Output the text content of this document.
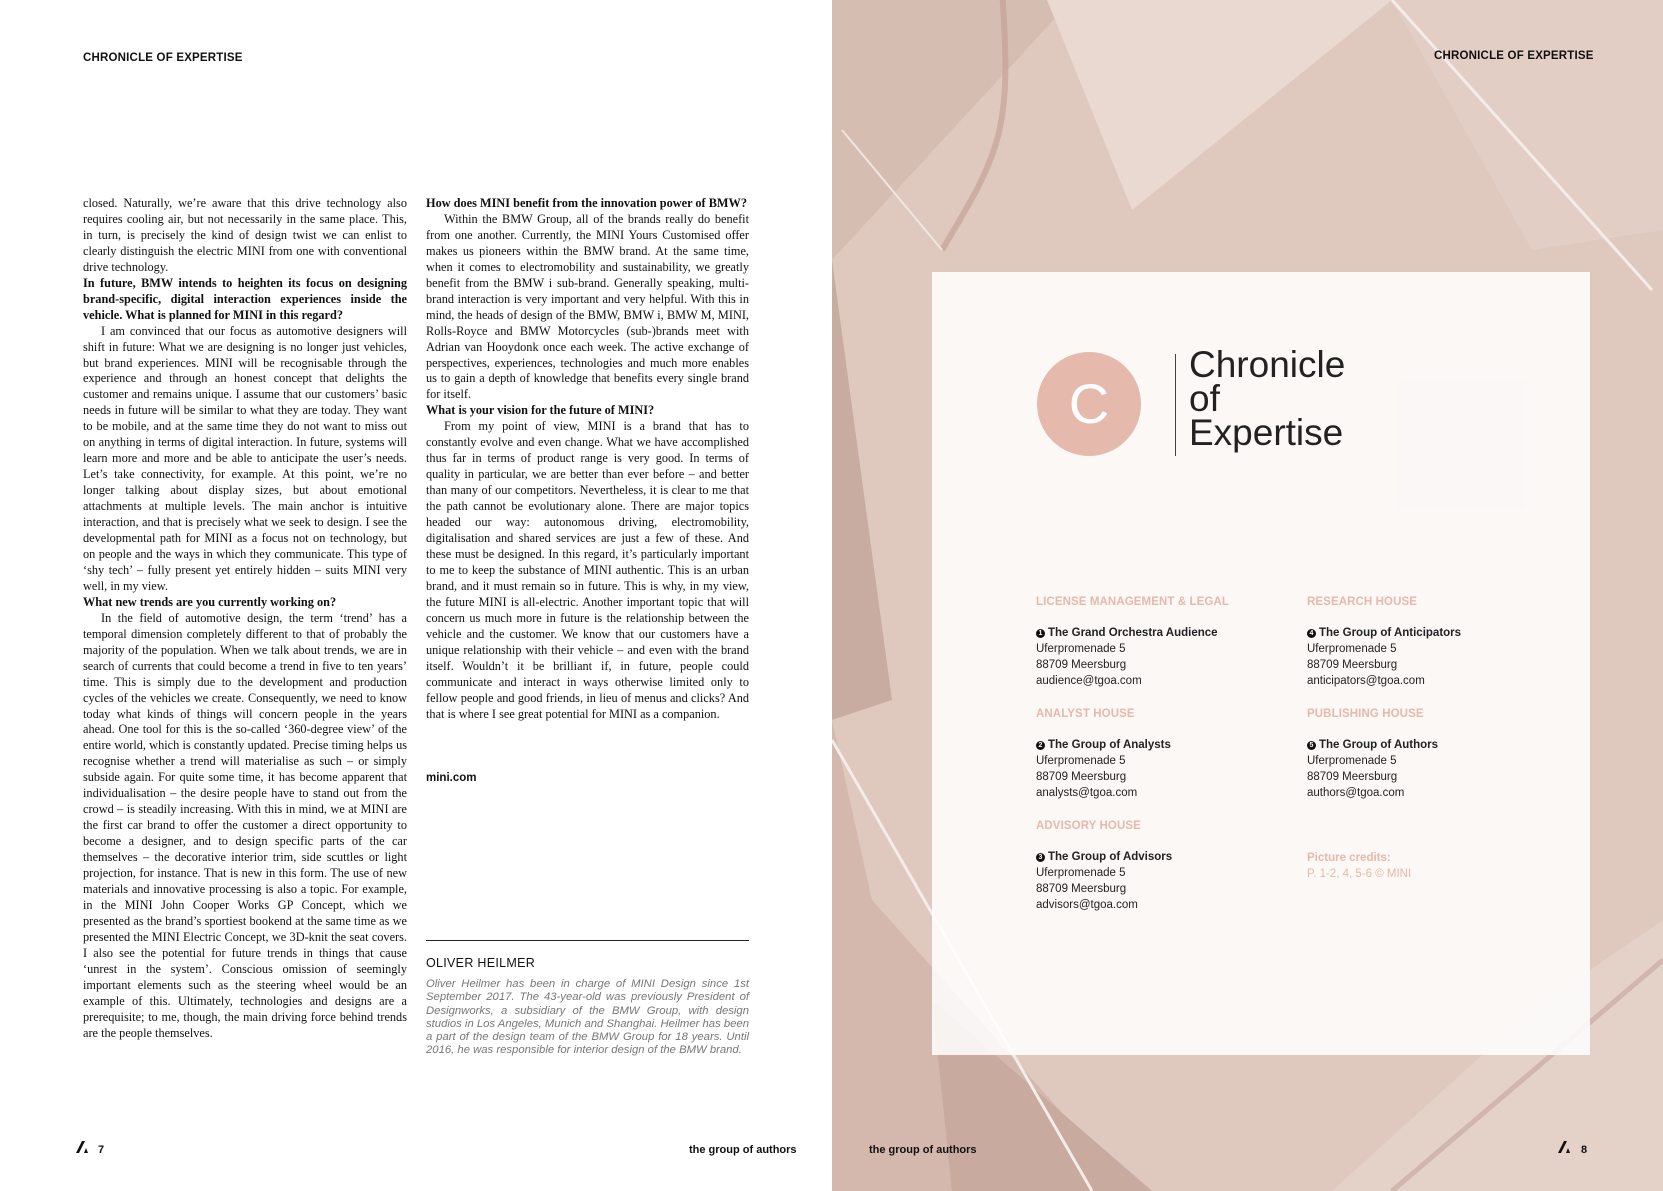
CHRONICLE OF EXPERTISE

closed. Naturally, we’re aware that this drive technology also requires cooling air, but not necessarily in the same place. This, in turn, is precisely the kind of design twist we can enlist to clearly distinguish the electric MINI from one with conventional drive technology.

In future, BMW intends to heighten its focus on designing brand-specific, digital interaction experiences inside the vehicle. What is planned for MINI in this regard?

I am convinced that our focus as automotive designers will shift in future: What we are designing is no longer just vehicles, but brand experiences. MINI will be recognisable through the experience and through an honest concept that delights the customer and remains unique. I assume that our customers’ basic needs in future will be similar to what they are today. They want to be mobile, and at the same time they do not want to miss out on anything in terms of digital interaction. In future, systems will learn more and more and be able to anticipate the user’s needs. Let’s take connectivity, for example. At this point, we’re no longer talking about display sizes, but about emotional attachments at multiple levels. The main anchor is intuitive interaction, and that is precisely what we seek to design. I see the developmental path for MINI as a focus not on technology, but on people and the ways in which they communicate. This type of ‘shy tech’ – fully present yet entirely hidden – suits MINI very well, in my view.

What new trends are you currently working on?

In the field of automotive design, the term ‘trend’ has a temporal dimension completely different to that of probably the majority of the population. When we talk about trends, we are in search of currents that could become a trend in five to ten years’ time. This is simply due to the development and production cycles of the vehicles we create. Consequently, we need to know today what kinds of things will concern people in the years ahead. One tool for this is the so-called ‘360-degree view’ of the entire world, which is constantly updated. Precise timing helps us recognise whether a trend will materialise as such – or simply subside again. For quite some time, it has become apparent that individualisation – the desire people have to stand out from the crowd – is steadily increasing. With this in mind, we at MINI are the first car brand to offer the customer a direct opportunity to become a designer, and to design specific parts of the car themselves – the decorative interior trim, side scuttles or light projection, for instance. That is new in this form. The use of new materials and innovative processing is also a topic. For example, in the MINI John Cooper Works GP Concept, which we presented as the brand’s sportiest bookend at the same time as we presented the MINI Electric Concept, we 3D-knit the seat covers. I also see the potential for future trends in things that cause ‘unrest in the system’. Conscious omission of seemingly important elements such as the steering wheel would be an example of this. Ultimately, technologies and designs are a prerequisite; to me, though, the main driving force behind trends are the people themselves.

How does MINI benefit from the innovation power of BMW?

Within the BMW Group, all of the brands really do benefit from one another. Currently, the MINI Yours Customised offer makes us pioneers within the BMW brand. At the same time, when it comes to electromobility and sustainability, we greatly benefit from the BMW i sub-brand. Generally speaking, multi-brand interaction is very important and very helpful. With this in mind, the heads of design of the BMW, BMW i, BMW M, MINI, Rolls-Royce and BMW Motorcycles (sub-)brands meet with Adrian van Hooydonk once each week. The active exchange of perspectives, experiences, technologies and much more enables us to gain a depth of knowledge that benefits every single brand for itself.

What is your vision for the future of MINI?

From my point of view, MINI is a brand that has to constantly evolve and even change. What we have accomplished thus far in terms of product range is very good. In terms of quality in particular, we are better than ever before – and better than many of our competitors. Nevertheless, it is clear to me that the path cannot be evolutionary alone. There are major topics headed our way: autonomous driving, electromobility, digitalisation and shared services are just a few of these. And these must be designed. In this regard, it’s particularly important to me to keep the substance of MINI authentic. This is an urban brand, and it must remain so in future. This is why, in my view, the future MINI is all-electric. Another important topic that will concern us much more in future is the relationship between the vehicle and the customer. We know that our customers have a unique relationship with their vehicle – and even with the brand itself. Wouldn’t it be brilliant if, in future, people could communicate and interact in ways otherwise limited only to fellow people and good friends, in lieu of menus and clicks? And that is where I see great potential for MINI as a companion.

mini.com
OLIVER HEILMER
Oliver Heilmer has been in charge of MINI Design since 1st September 2017. The 43-year-old was previously President of Designworks, a subsidiary of the BMW Group, with design studios in Los Angeles, Munich and Shanghai. Heilmer has been a part of the design team of the BMW Group for 18 years. Until 2016, he was responsible for interior design of the BMW brand.
7	the group of authors
CHRONICLE OF EXPERTISE
C
Chronicle
of
Expertise
LICENSE MANAGEMENT & LEGAL
1 The Grand Orchestra Audience
Uferpromenade 5
88709 Meersburg
audience@tgoa.com
RESEARCH HOUSE
4 The Group of Anticipators
Uferpromenade 5
88709 Meersburg
anticipators@tgoa.com
ANALYST HOUSE
2 The Group of Analysts
Uferpromenade 5
88709 Meersburg
analysts@tgoa.com
PUBLISHING HOUSE
5 The Group of Authors
Uferpromenade 5
88709 Meersburg
authors@tgoa.com
ADVISORY HOUSE
3 The Group of Advisors
Uferpromenade 5
88709 Meersburg
advisors@tgoa.com
Picture credits:
P. 1-2, 4, 5-6 © MINI
the group of authors	8
